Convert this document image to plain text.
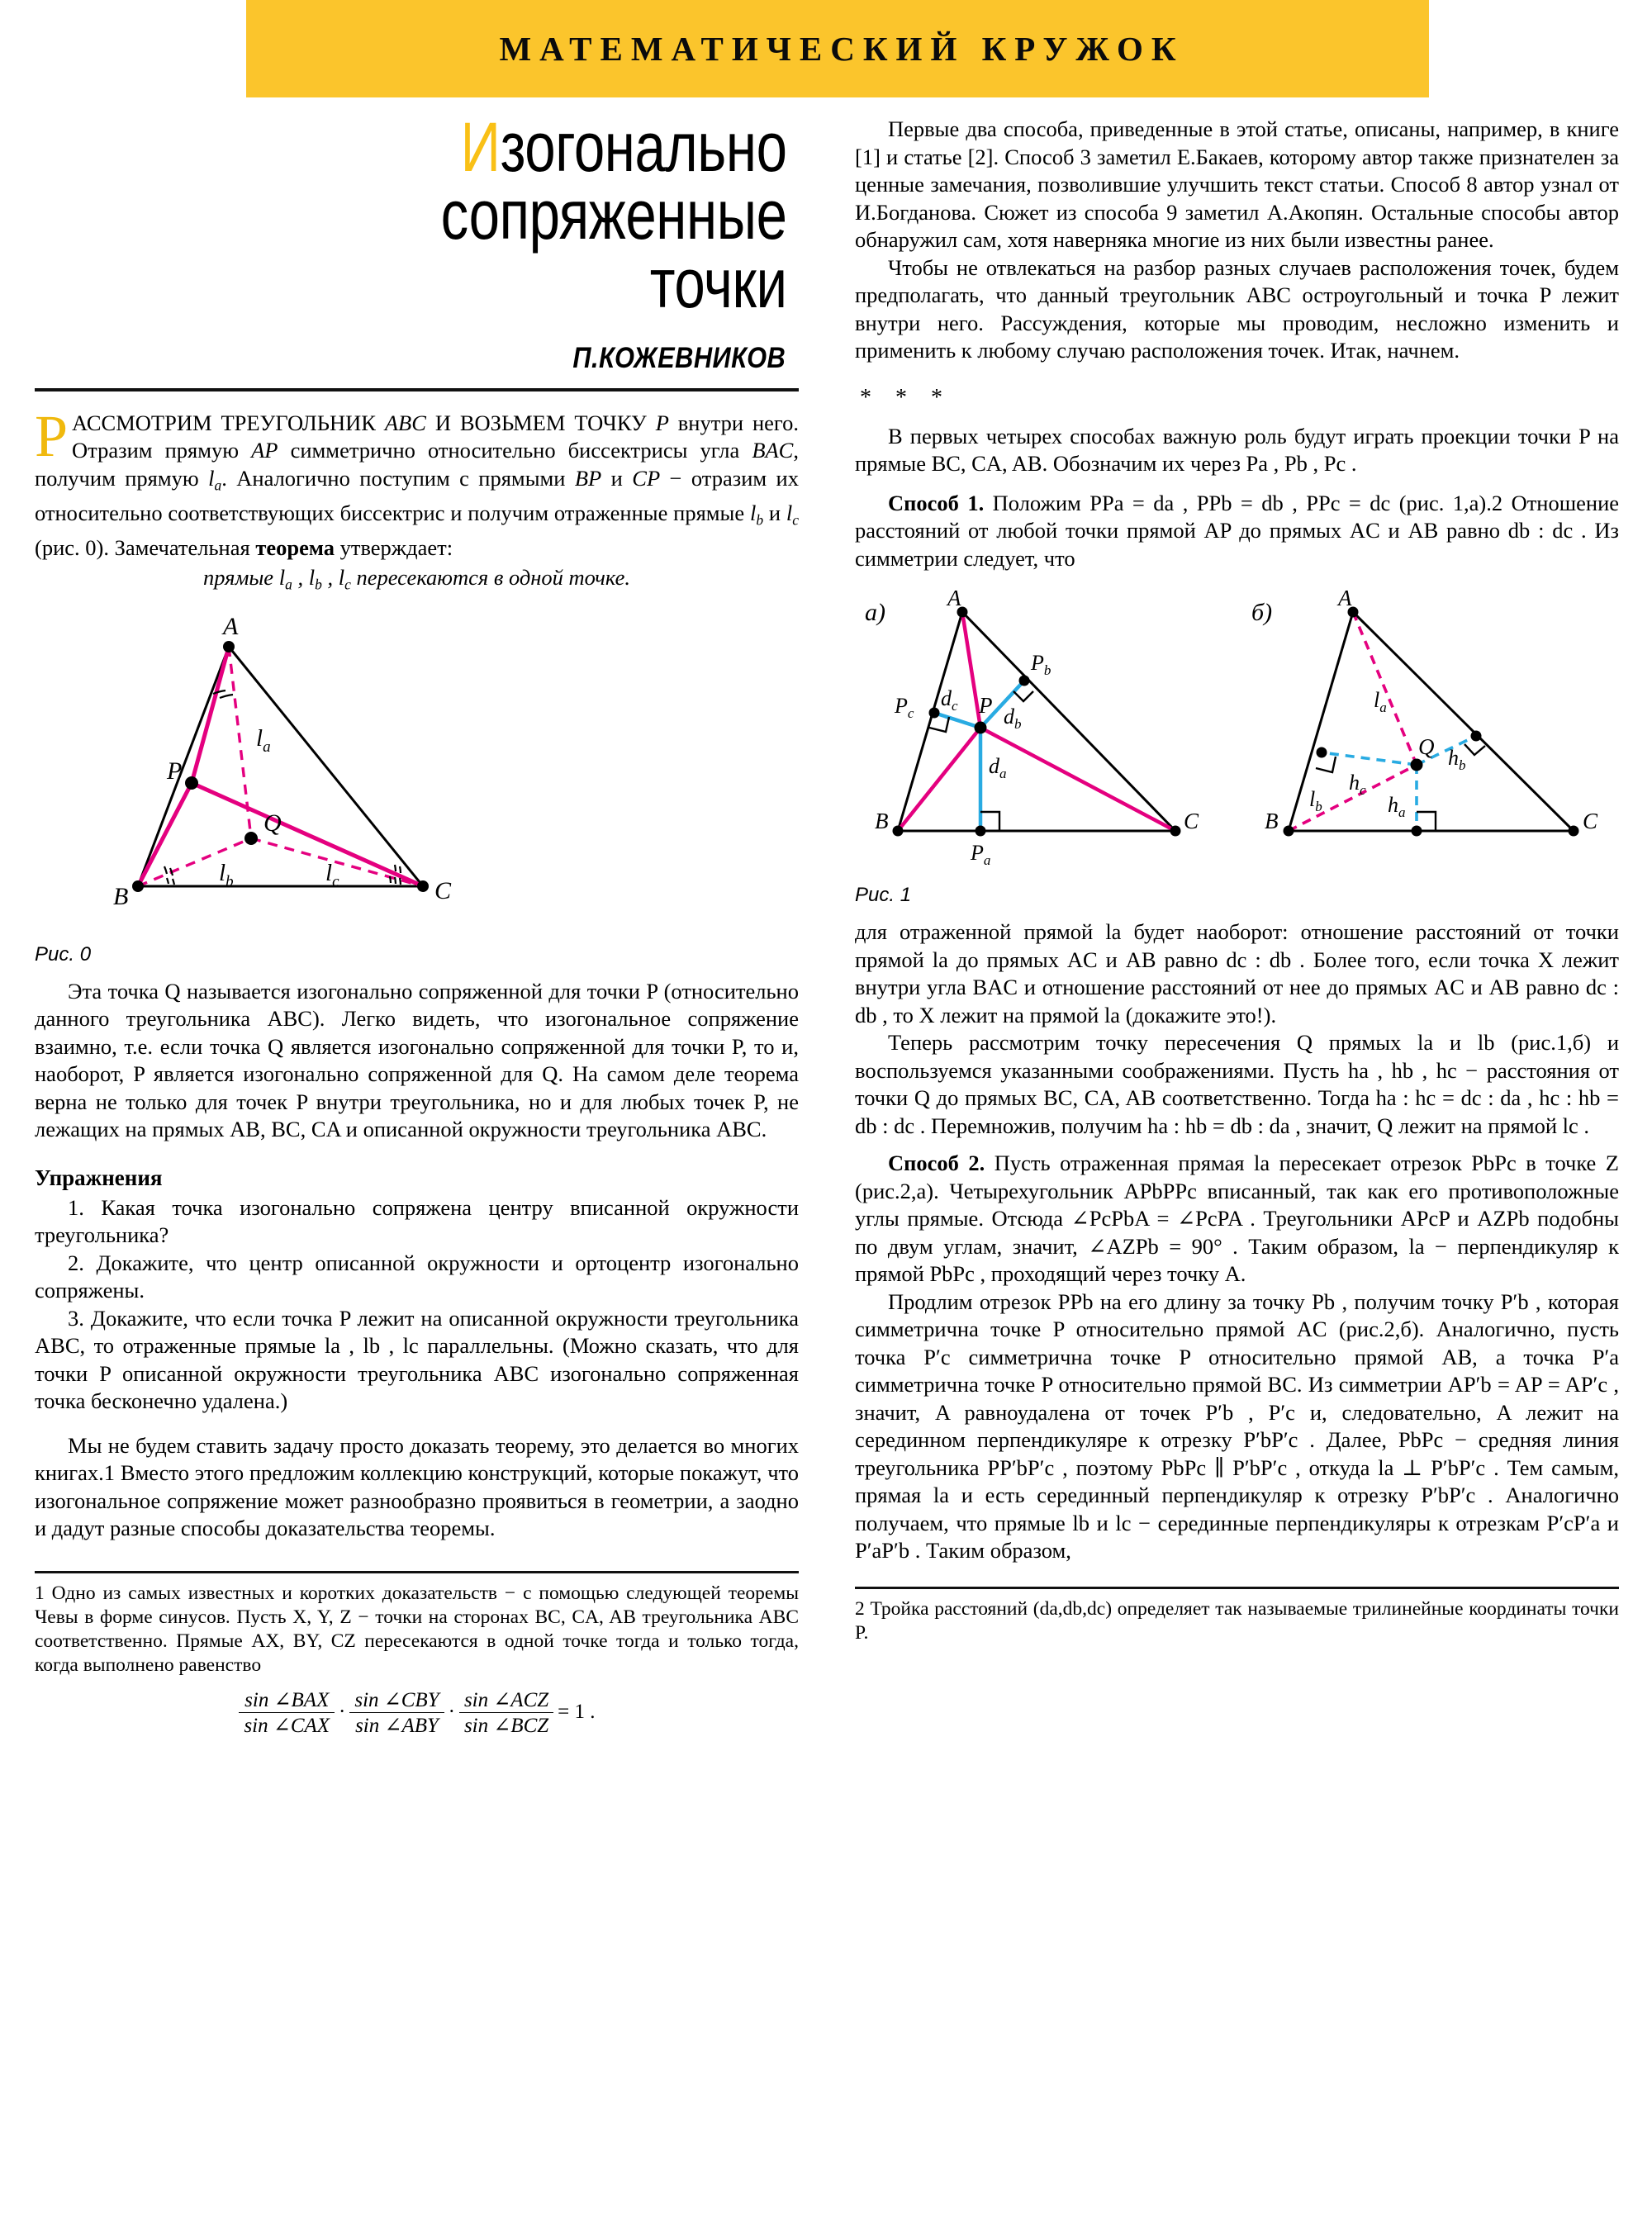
МАТЕМАТИЧЕСКИЙ КРУЖОК
Изогонально
сопряженные
точки
П.КОЖЕВНИКОВ
РАССМОТРИМ ТРЕУГОЛЬНИК ABC И ВОЗЬМЕМ ТОЧКУ P внутри него. Отразим прямую AP симметрично относительно биссектрисы угла BAC, получим прямую $l_a$. Аналогично поступим с прямыми BP и CP − отразим их относительно соответствующих биссектрис и получим отраженные прямые $l_b$ и $l_c$ (рис. 0). Замечательная теорема утверждает:

прямые $l_a$ , $l_b$ , $l_c$ пересекаются в одной точке.

A
B	C
P
Q
$l_a$
$l_b$	$l_c$
Рис. 0

Эта точка Q называется изогонально сопряженной для точки P (относительно данного треугольника ABC). Легко видеть, что изогональное сопряжение взаимно, т.е. если точка Q является изогонально сопряженной для точки P, то и, наоборот, P является изогонально сопряженной для Q. На самом деле теорема верна не только для точек P внутри треугольника, но и для любых точек P, не лежащих на прямых AB, BC, CA и описанной окружности треугольника ABC.

Упражнения

1. Какая точка изогонально сопряжена центру вписанной окружности треугольника?

2. Докажите, что центр описанной окружности и ортоцентр изогонально сопряжены.

3. Докажите, что если точка P лежит на описанной окружности треугольника ABC, то отраженные прямые la , lb , lc параллельны. (Можно сказать, что для точки P описанной окружности треугольника ABC изогонально сопряженная точка бесконечно удалена.)

Мы не будем ставить задачу просто доказать теорему, это делается во многих книгах.1 Вместо этого предложим коллекцию конструкций, которые покажут, что изогональное сопряжение может разнообразно проявиться в геометрии, а заодно и дадут разные способы доказательства теоремы.

1 Одно из самых известных и коротких доказательств − с помощью следующей теоремы Чевы в форме синусов. Пусть X, Y, Z − точки на сторонах BC, CA, AB треугольника ABC соответственно. Прямые AX, BY, CZ пересекаются в одной точке тогда и только тогда, когда выполнено равенство

$\frac{\text{sin ∠BAX}}{\text{sin ∠CAX}} \cdot \frac{\text{sin ∠CBY}}{\text{sin ∠ABY}} \cdot \frac{\text{sin ∠ACZ}}{\text{sin ∠BCZ}} = 1$ .

Первые два способа, приведенные в этой статье, описаны, например, в книге [1] и статье [2]. Способ 3 заметил Е.Бакаев, которому автор также признателен за ценные замечания, позволившие улучшить текст статьи. Способ 8 автор узнал от И.Богданова. Сюжет из способа 9 заметил А.Акопян. Остальные способы автор обнаружил сам, хотя наверняка многие из них были известны ранее.

Чтобы не отвлекаться на разбор разных случаев расположения точек, будем предполагать, что данный треугольник ABC остроугольный и точка P лежит внутри него. Рассуждения, которые мы проводим, несложно изменить и применить к любому случаю расположения точек. Итак, начнем.

* * *

В первых четырех способах важную роль будут играть проекции точки P на прямые BC, CA, AB. Обозначим их через Pa , Pb , Pc .

Способ 1. Положим PPa = da , PPb = db , PPc = dc (рис. 1,a).2 Отношение расстояний от любой точки прямой AP до прямых AC и AB равно db : dc . Из симметрии следует, что

а)
A
B	C
P
$P_a$
$P_b$
$P_c$
$d_a$
$d_b$
$d_c$
б)
A
B	C
Q
$l_a$
$l_b$
$h_c$
$h_b$
$h_a$
Рис. 1

для отраженной прямой la будет наоборот: отношение расстояний от точки прямой la до прямых AC и AB равно dc : db . Более того, если точка X лежит внутри угла BAC и отношение расстояний от нее до прямых AC и AB равно dc : db , то X лежит на прямой la (докажите это!).

Теперь рассмотрим точку пересечения Q прямых la и lb (рис.1,б) и воспользуемся указанными соображениями. Пусть ha , hb , hc − расстояния от точки Q до прямых BC, CA, AB соответственно. Тогда ha : hc = dc : da , hc : hb = db : dc . Перемножив, получим ha : hb = db : da , значит, Q лежит на прямой lc .

Способ 2. Пусть отраженная прямая la пересекает отрезок PbPc в точке Z (рис.2,a). Четырехугольник APbPPc вписанный, так как его противоположные углы прямые. Отсюда ∠PcPbA = ∠PcPA . Треугольники APcP и AZPb подобны по двум углам, значит, ∠AZPb = 90° . Таким образом, la − перпендикуляр к прямой PbPc , проходящий через точку A.

Продлим отрезок PPb на его длину за точку Pb , получим точку P′b , которая симметрична точке P относительно прямой AC (рис.2,б). Аналогично, пусть точка P′c симметрична точке P относительно прямой AB, а точка P′a симметрична точке P относительно прямой BC. Из симметрии AP′b = AP = AP′c , значит, A равноудалена от точек P′b , P′c и, следовательно, A лежит на серединном перпендикуляре к отрезку P′bP′c . Далее, PbPc − средняя линия треугольника PP′bP′c , поэтому PbPc ∥ P′bP′c , откуда la ⊥ P′bP′c . Тем самым, прямая la и есть серединный перпендикуляр к отрезку P′bP′c . Аналогично получаем, что прямые lb и lc − серединные перпендикуляры к отрезкам P′cP′a и P′aP′b . Таким образом,

2 Тройка расстояний (da,db,dc) определяет так называемые трилинейные координаты точки P.
